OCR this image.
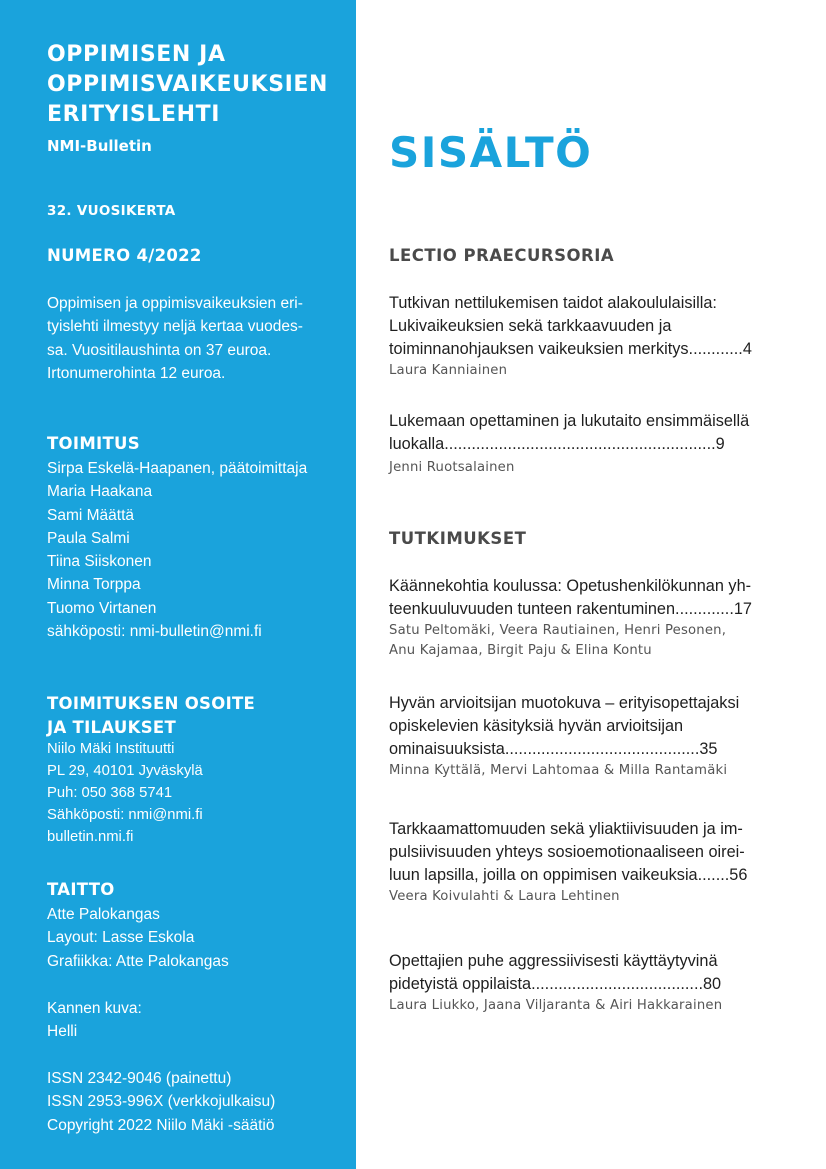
OPPIMISEN JA
OPPIMISVAIKEUKSIEN
ERITYISLEHTI
NMI-Bulletin
32. VUOSIKERTA
NUMERO 4/2022
Oppimisen ja oppimisvaikeuksien eri-
tyislehti ilmestyy neljä kertaa vuodes-
sa. Vuositilaushinta on 37 euroa.
Irtonumerohinta 12 euroa.
TOIMITUS
Sirpa Eskelä-Haapanen, päätoimittaja
Maria Haakana
Sami Määttä
Paula Salmi
Tiina Siiskonen
Minna Torppa
Tuomo Virtanen
sähköposti: nmi-bulletin@nmi.fi
TOIMITUKSEN OSOITE
JA TILAUKSET
Niilo Mäki Instituutti
PL 29, 40101 Jyväskylä
Puh: 050 368 5741
Sähköposti: nmi@nmi.fi
bulletin.nmi.fi
TAITTO
Atte Palokangas
Layout: Lasse Eskola
Grafiikka: Atte Palokangas
Kannen kuva:
Helli
ISSN 2342-9046 (painettu)
ISSN 2953-996X (verkkojulkaisu)
Copyright 2022 Niilo Mäki -säätiö
SISÄLTÖ
LECTIO PRAECURSORIA
Tutkivan nettilukemisen taidot alakoululaisilla:
Lukivaikeuksien sekä tarkkaavuuden ja
toiminnanohjauksen vaikeuksien merkitys............4
Laura Kanniainen
Lukemaan opettaminen ja lukutaito ensimmäisellä
luokalla............................................................9
Jenni Ruotsalainen
TUTKIMUKSET
Käännekohtia koulussa: Opetushenkilökunnan yh-
teenkuuluvuuden tunteen rakentuminen.............17
Satu Peltomäki, Veera Rautiainen, Henri Pesonen,
Anu Kajamaa, Birgit Paju & Elina Kontu
Hyvän arvioitsijan muotokuva – erityisopettajaksi
opiskelevien käsityksiä hyvän arvioitsijan
ominaisuuksista...........................................35
Minna Kyttälä, Mervi Lahtomaa & Milla Rantamäki
Tarkkaamattomuuden sekä yliaktiivisuuden ja im-
pulsiivisuuden yhteys sosioemotionaaliseen oirei-
luun lapsilla, joilla on oppimisen vaikeuksia.......56
Veera Koivulahti & Laura Lehtinen
Opettajien puhe aggressiivisesti käyttäytyvinä
pidetyistä oppilaista......................................80
Laura Liukko, Jaana Viljaranta & Airi Hakkarainen
